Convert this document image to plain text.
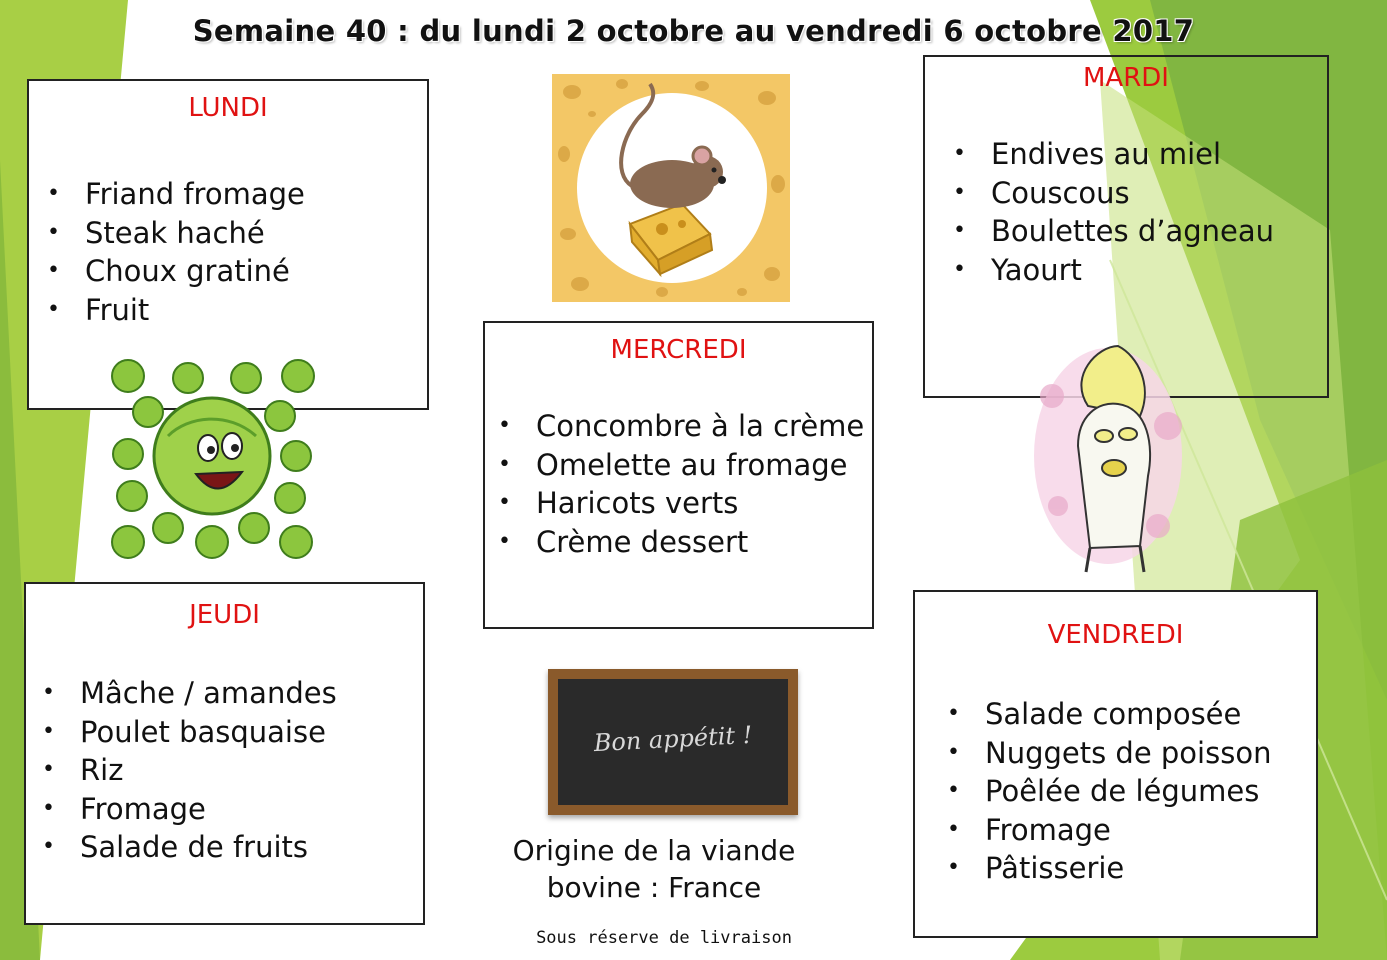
Semaine 40 : du lundi 2 octobre au vendredi 6 octobre 2017
LUNDI
• Friand fromage
• Steak haché
• Choux gratiné
• Fruit
MARDI
• Endives au miel
• Couscous
• Boulettes d’agneau
• Yaourt
MERCREDI
• Concombre à la crème
• Omelette au fromage
• Haricots verts
• Crème dessert
JEUDI
• Mâche / amandes
• Poulet basquaise
• Riz
• Fromage
• Salade de fruits
VENDREDI
• Salade composée
• Nuggets de poisson
• Poêlée de légumes
• Fromage
• Pâtisserie
Bon appétit !
Origine de la viande
bovine : France
Sous réserve de livraison
